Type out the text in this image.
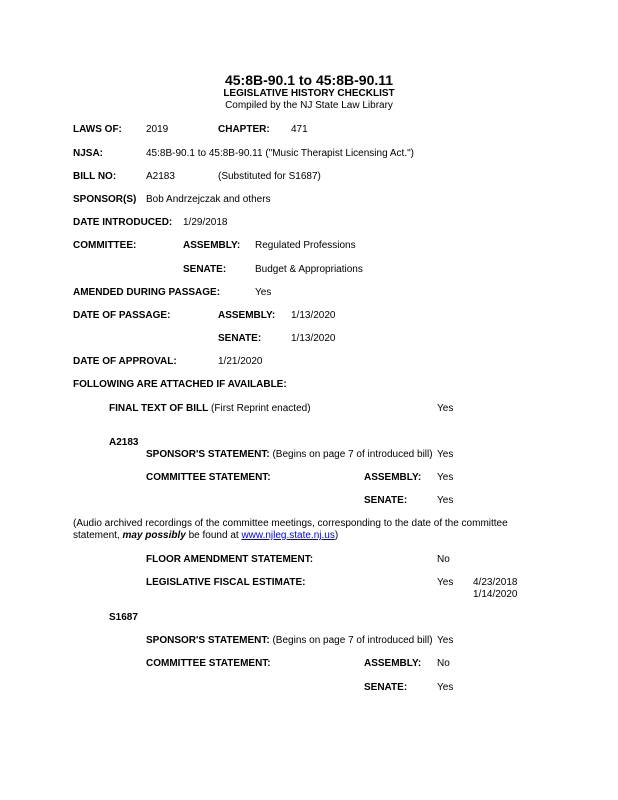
45:8B-90.1 to 45:8B-90.11
LEGISLATIVE HISTORY CHECKLIST
Compiled by the NJ State Law Library
LAWS OF: 2019	CHAPTER: 471
NJSA:	45:8B-90.1 to 45:8B-90.11 ("Music Therapist Licensing Act.")
BILL NO:	A2183	(Substituted for S1687)
SPONSOR(S) Bob Andrzejczak and others
DATE INTRODUCED: 1/29/2018
COMMITTEE:	ASSEMBLY: Regulated Professions
SENATE:	Budget & Appropriations
AMENDED DURING PASSAGE:	Yes
DATE OF PASSAGE:	ASSEMBLY: 1/13/2020
SENATE:	1/13/2020
DATE OF APPROVAL:	1/21/2020
FOLLOWING ARE ATTACHED IF AVAILABLE:
FINAL TEXT OF BILL (First Reprint enacted)	Yes
A2183
SPONSOR'S STATEMENT: (Begins on page 7 of introduced bill) Yes
COMMITTEE STATEMENT:	ASSEMBLY: Yes
SENATE:	Yes
(Audio archived recordings of the committee meetings, corresponding to the date of the committee
statement, may possibly be found at www.njleg.state.nj.us)
FLOOR AMENDMENT STATEMENT:	No
LEGISLATIVE FISCAL ESTIMATE:	Yes 4/23/2018
1/14/2020
S1687
SPONSOR'S STATEMENT: (Begins on page 7 of introduced bill) Yes
COMMITTEE STATEMENT:	ASSEMBLY: No
SENATE:	Yes
